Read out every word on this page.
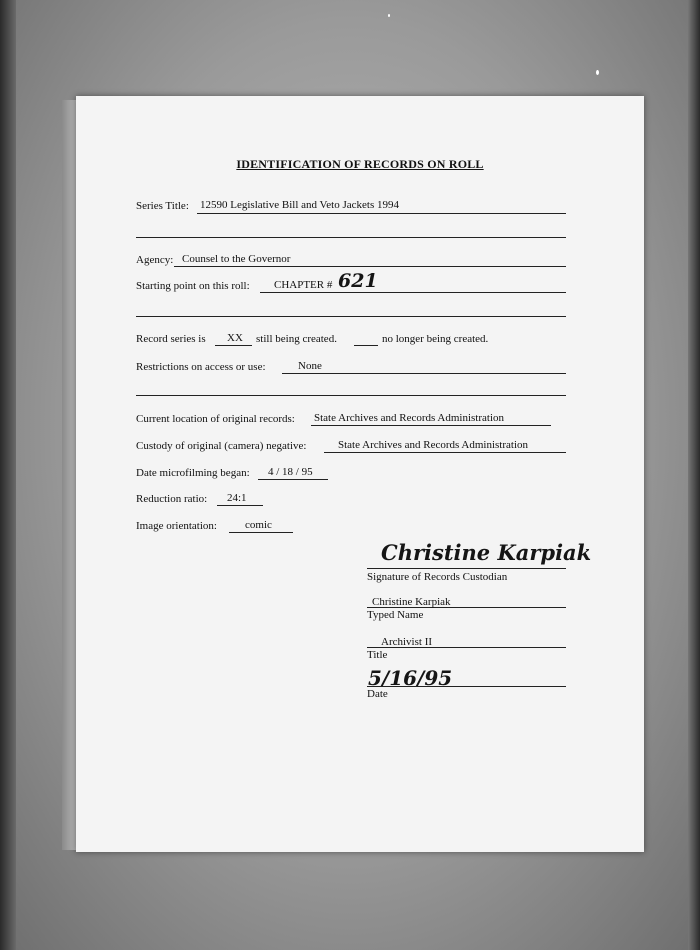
IDENTIFICATION OF RECORDS ON ROLL
Series Title: 12590 Legislative Bill and Veto Jackets 1994
Agency: Counsel to the Governor
Starting point on this roll: CHAPTER # 621
Record series is XX still being created.	no longer being created.
Restrictions on access or use:	None
Current location of original records: State Archives and Records Administration
Custody of original (camera) negative:	State Archives and Records Administration
Date microfilming began: 4 / 18 / 95
Reduction ratio: 24:1
Image orientation:	comic
Christine Karpiak
Signature of Records Custodian
Christine Karpiak
Typed Name
Archivist II
Title
5/16/95
Date
